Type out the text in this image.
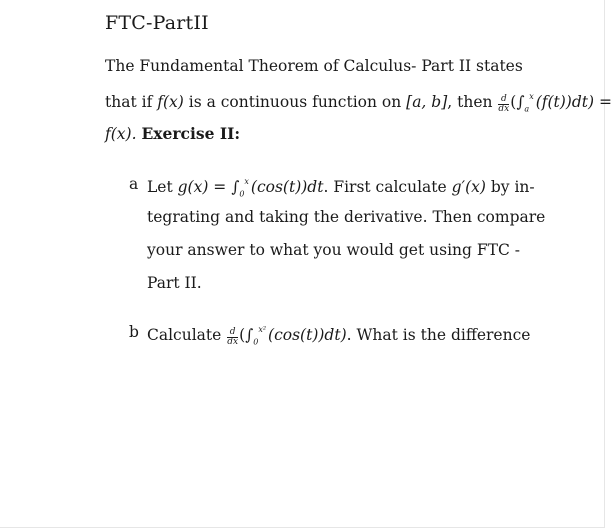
FTC-PartII
The Fundamental Theorem of Calculus- Part II states
that if f(x) is a continuous function on [a, b], then $\frac{d}{dx} (\int_a^x$ (f(t))dt) =
f(x). Exercise II:
a Let $g(x) = \int_0^x$ (cos(t))dt. First calculate g′(x) by in-
tegrating and taking the derivative. Then compare
your answer to what you would get using FTC -
Part II.
b Calculate $\frac{d}{dx} (\int_0^{x^2}$ (cos(t))dt). What is the difference
